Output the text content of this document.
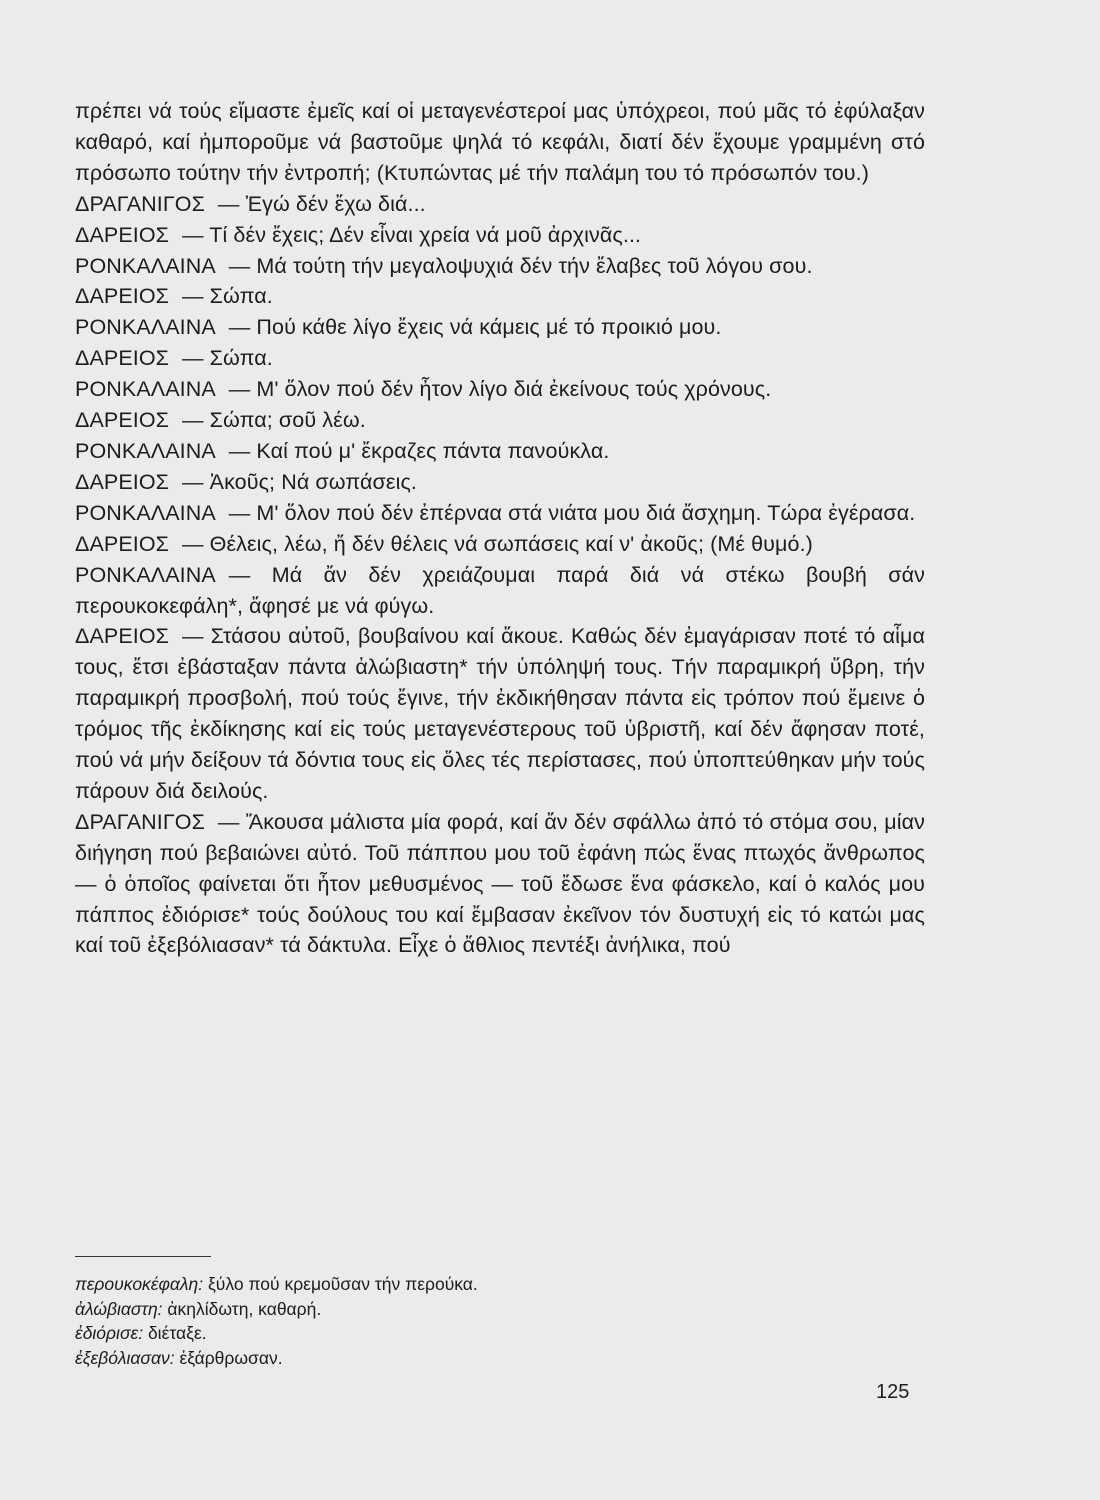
πρέπει νά τούς εἴμαστε ἐμεῖς καί οἱ μεταγενέστεροί μας ὑπόχρεοι, πού μᾶς τό ἐφύλαξαν καθαρό, καί ἠμποροῦμε νά βαστοῦμε ψηλά τό κεφάλι, διατί δέν ἔχουμε γραμμένη στό πρόσωπο τούτην τήν ἐντροπή; (Κτυπώντας μέ τήν παλάμη του τό πρόσωπόν του.)

ΔΡΑΓΑΝΙΓΟΣ — Ἐγώ δέν ἔχω διά...

ΔΑΡΕΙΟΣ — Τί δέν ἔχεις; Δέν εἶναι χρεία νά μοῦ ἀρχινᾶς...

ΡΟΝΚΑΛΑΙΝΑ — Μά τούτη τήν μεγαλοψυχιά δέν τήν ἔλαβες τοῦ λόγου σου.

ΔΑΡΕΙΟΣ — Σώπα.

ΡΟΝΚΑΛΑΙΝΑ — Πού κάθε λίγο ἔχεις νά κάμεις μέ τό προικιό μου.

ΔΑΡΕΙΟΣ — Σώπα.

ΡΟΝΚΑΛΑΙΝΑ — Μ' ὅλον πού δέν ἦτον λίγο διά ἐκείνους τούς χρόνους.

ΔΑΡΕΙΟΣ — Σώπα; σοῦ λέω.

ΡΟΝΚΑΛΑΙΝΑ — Καί πού μ' ἔκραζες πάντα πανούκλα.

ΔΑΡΕΙΟΣ — Ἀκοῦς; Νά σωπάσεις.

ΡΟΝΚΑΛΑΙΝΑ — Μ' ὅλον πού δέν ἐπέρναα στά νιάτα μου διά ἄσχημη. Τώρα ἐγέρασα.

ΔΑΡΕΙΟΣ — Θέλεις, λέω, ἤ δέν θέλεις νά σωπάσεις καί ν' ἀκοῦς; (Μέ θυμό.)

ΡΟΝΚΑΛΑΙΝΑ — Μά ἄν δέν χρειάζουμαι παρά διά νά στέκω βουβή σάν περουκοκεφάλη*, ἄφησέ με νά φύγω.

ΔΑΡΕΙΟΣ — Στάσου αὐτοῦ, βουβαίνου καί ἄκουε. Καθώς δέν ἐμαγάρισαν ποτέ τό αἷμα τους, ἔτσι ἐβάσταξαν πάντα ἀλώβιαστη* τήν ὑπόληψή τους. Τήν παραμικρή ὕβρη, τήν παραμικρή προσβολή, πού τούς ἔγινε, τήν ἐκδικήθησαν πάντα εἰς τρόπον πού ἔμεινε ὁ τρόμος τῆς ἐκδίκησης καί εἰς τούς μεταγενέστερους τοῦ ὑβριστῆ, καί δέν ἄφησαν ποτέ, πού νά μήν δείξουν τά δόντια τους εἰς ὅλες τές περίστασες, πού ὑποπτεύθηκαν μήν τούς πάρουν διά δειλούς.

ΔΡΑΓΑΝΙΓΟΣ — Ἄκουσα μάλιστα μία φορά, καί ἄν δέν σφάλλω ἀπό τό στόμα σου, μίαν διήγηση πού βεβαιώνει αὐτό. Τοῦ πάππου μου τοῦ ἐφάνη πώς ἕνας πτωχός ἄνθρωπος — ὁ ὁποῖος φαίνεται ὅτι ἦτον μεθυσμένος — τοῦ ἔδωσε ἕνα φάσκελο, καί ὁ καλός μου πάππος ἐδιόρισε* τούς δούλους του καί ἔμβασαν ἐκεῖνον τόν δυστυχή εἰς τό κατώι μας καί τοῦ ἐξεβόλιασαν* τά δάκτυλα. Εἶχε ὁ ἄθλιος πεντέξι ἀνήλικα, πού

περουκοκέφαλη: ξύλο πού κρεμοῦσαν τήν περούκα.

ἀλώβιαστη: ἀκηλίδωτη, καθαρή.

ἐδιόρισε: διέταξε.

ἐξεβόλιασαν: ἐξάρθρωσαν.

125
